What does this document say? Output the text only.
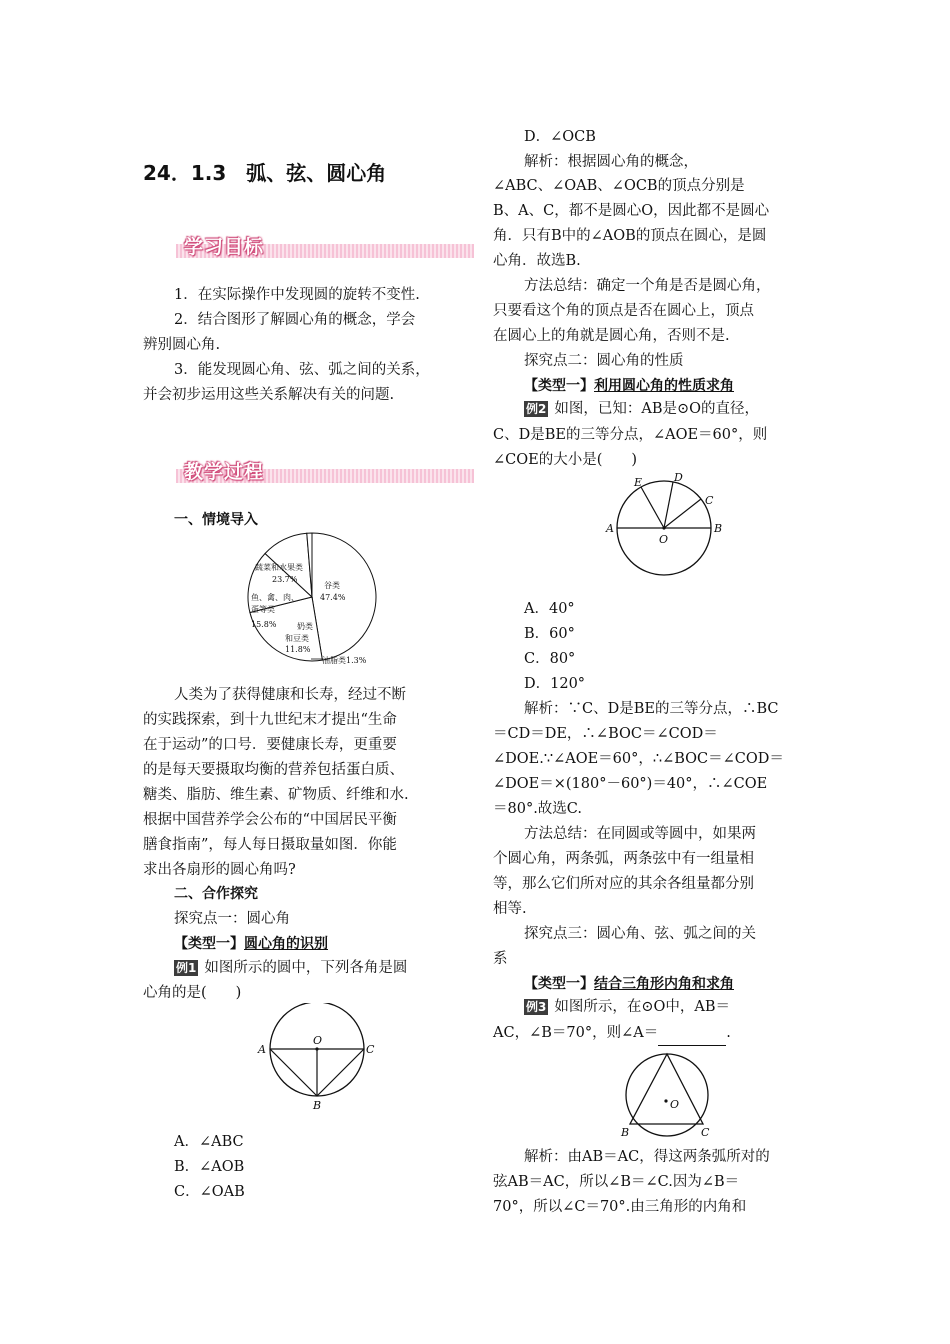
24．1.3　弧、弦、圆心角
学习目标
1．在实际操作中发现圆的旋转不变性.
2．结合图形了解圆心角的概念，学会
辨别圆心角.
3．能发现圆心角、弦、弧之间的关系，
并会初步运用这些关系解决有关的问题.
教学过程
一、情境导入
谷类
47.4%
蔬菜和水果类
23.7%
鱼、禽、肉、
蛋等类
15.8%	奶类
和豆类
11.8%
油脂类1.3%
人类为了获得健康和长寿，经过不断
的实践探索，到十九世纪末才提出“生命
在于运动”的口号．要健康长寿，更重要
的是每天要摄取均衡的营养包括蛋白质、
糖类、脂肪、维生素、矿物质、纤维和水.
根据中国营养学会公布的“中国居民平衡
膳食指南”，每人每日摄取量如图．你能
求出各扇形的圆心角吗?
二、合作探究
探究点一：圆心角
【类型一】圆心角的识别
例1 如图所示的圆中，下列各角是圆
心角的是(　　)
O
A	C
B
A．∠ABC
B．∠AOB
C．∠OAB
D．∠OCB
解析：根据圆心角的概念，
∠ABC、∠OAB、∠OCB的顶点分别是
B、A、C，都不是圆心O，因此都不是圆心
角．只有B中的∠AOB的顶点在圆心，是圆
心角．故选B.
方法总结：确定一个角是否是圆心角，
只要看这个角的顶点是否在圆心上，顶点
在圆心上的角就是圆心角，否则不是.
探究点二：圆心角的性质
【类型一】利用圆心角的性质求角
例2 如图，已知：AB是⊙O的直径，
C、D是BE的三等分点，∠AOE＝60°，则
∠COE的大小是(　　)
A	B
C
D
E
O
A．40°
B．60°
C．80°
D．120°
解析：∵C、D是BE的三等分点，∴BC
＝CD＝DE，∴∠BOC＝∠COD＝
∠DOE.∵∠AOE＝60°，∴∠BOC＝∠COD＝
∠DOE＝×(180°－60°)＝40°，∴∠COE
＝80°.故选C.
方法总结：在同圆或等圆中，如果两
个圆心角，两条弧，两条弦中有一组量相
等，那么它们所对应的其余各组量都分别
相等.
探究点三：圆心角、弦、弧之间的关
系
【类型一】结合三角形内角和求角
例3 如图所示，在⊙O中，AB＝
AC，∠B＝70°，则∠A＝	.
O
B	C
解析：由AB＝AC，得这两条弧所对的
弦AB＝AC，所以∠B＝∠C.因为∠B＝
70°，所以∠C＝70°.由三角形的内角和
